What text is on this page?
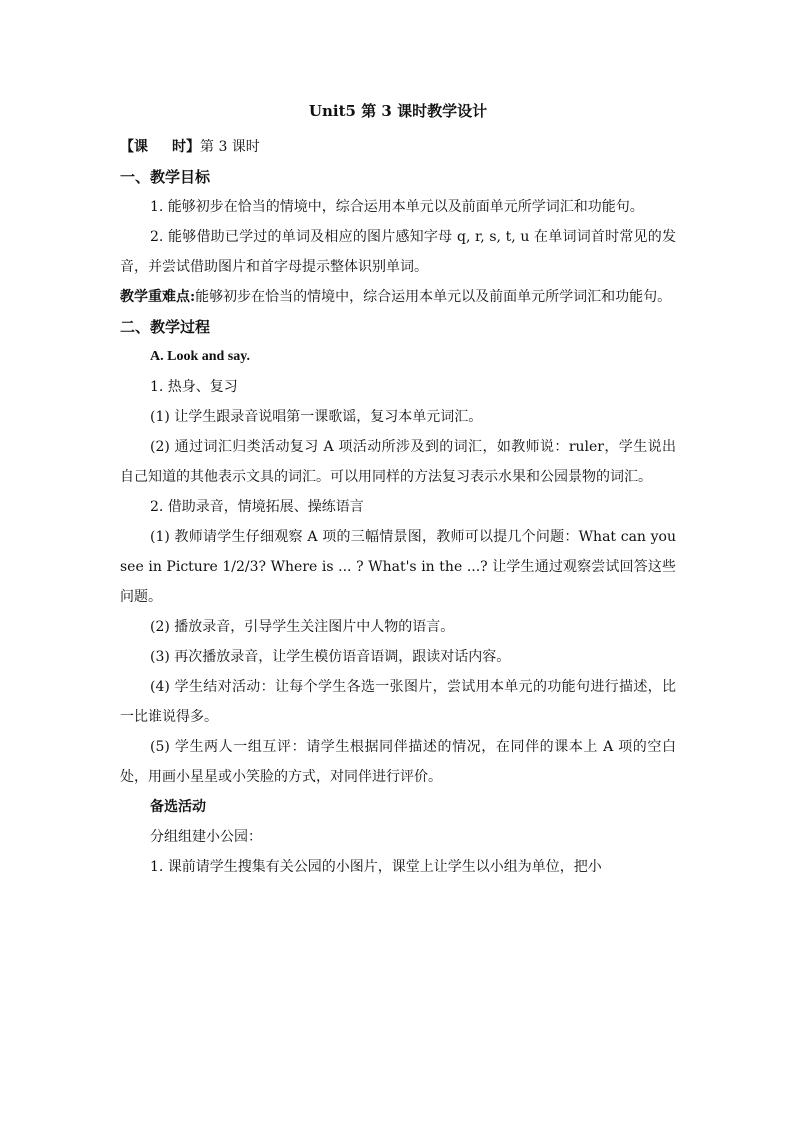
Unit5 第 3 课时教学设计
【课 时】第 3 课时
一、教学目标
1. 能够初步在恰当的情境中，综合运用本单元以及前面单元所学词汇和功能句。
2. 能够借助已学过的单词及相应的图片感知字母 q, r, s, t, u 在单词词首时常见的发音，并尝试借助图片和首字母提示整体识别单词。
教学重难点:能够初步在恰当的情境中，综合运用本单元以及前面单元所学词汇和功能句。
二、教学过程
A. Look and say.
1. 热身、复习
(1) 让学生跟录音说唱第一课歌谣，复习本单元词汇。
(2) 通过词汇归类活动复习 A 项活动所涉及到的词汇，如教师说：ruler，学生说出自己知道的其他表示文具的词汇。可以用同样的方法复习表示水果和公园景物的词汇。
2. 借助录音，情境拓展、操练语言
(1) 教师请学生仔细观察 A 项的三幅情景图，教师可以提几个问题：What can you see in Picture 1/2/3? Where is ... ? What's in the ...? 让学生通过观察尝试回答这些问题。
(2) 播放录音，引导学生关注图片中人物的语言。
(3) 再次播放录音，让学生模仿语音语调，跟读对话内容。
(4) 学生结对活动：让每个学生各选一张图片，尝试用本单元的功能句进行描述，比一比谁说得多。
(5) 学生两人一组互评：请学生根据同伴描述的情况，在同伴的课本上 A 项的空白处，用画小星星或小笑脸的方式，对同伴进行评价。
备选活动
分组组建小公园：
1. 课前请学生搜集有关公园的小图片，课堂上让学生以小组为单位，把小
